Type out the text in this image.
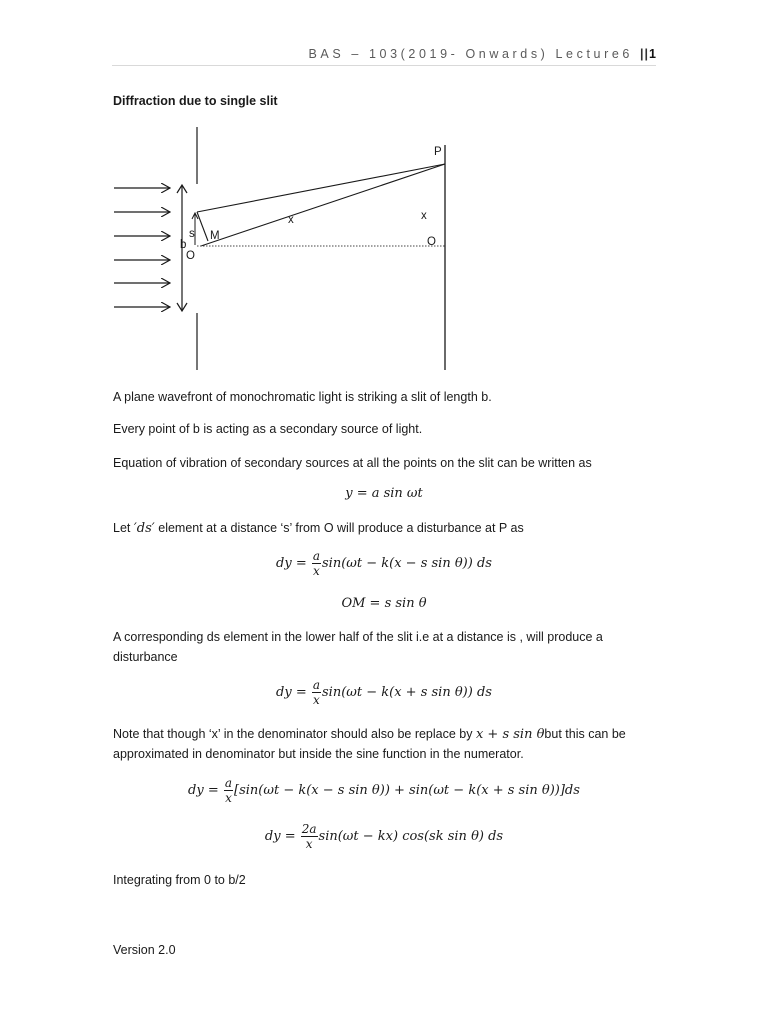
BAS – 103(2019- Onwards) Lecture6 ||1
Diffraction due to single slit
P
x	x
s M
b
O
O
A plane wavefront of monochromatic light is striking a slit of length b.
Every point of b is acting as a secondary source of light.
Equation of vibration of secondary sources at all the points on the slit can be written as
y = a sin ωt
Let ′ds′ element at a distance ‘s’ from O will produce a disturbance at P as
dy = $\frac{a}{x} \sin(\omega t - k(x - s$ sin θ)) ds
OM = s sin θ
A corresponding ds element in the lower half of the slit i.e at a distance is , will produce a
disturbance
dy = $\frac{a}{x} \sin(\omega t - k(x + s$ sin θ)) ds
Note that though ‘x’ in the denominator should also be replace by x + s sin θbut this can be
approximated in denominator but inside the sine function in the numerator.
dy = $\frac{a}{x} [\sin(\omega t - k(x - s$ sin θ)) + sin(ωt − k(x + s sin θ))]ds
dy = $\frac{2a}{x} \sin(\omega t - kx)$ cos(sk sin θ) ds
Integrating from 0 to b/2
Version 2.0
